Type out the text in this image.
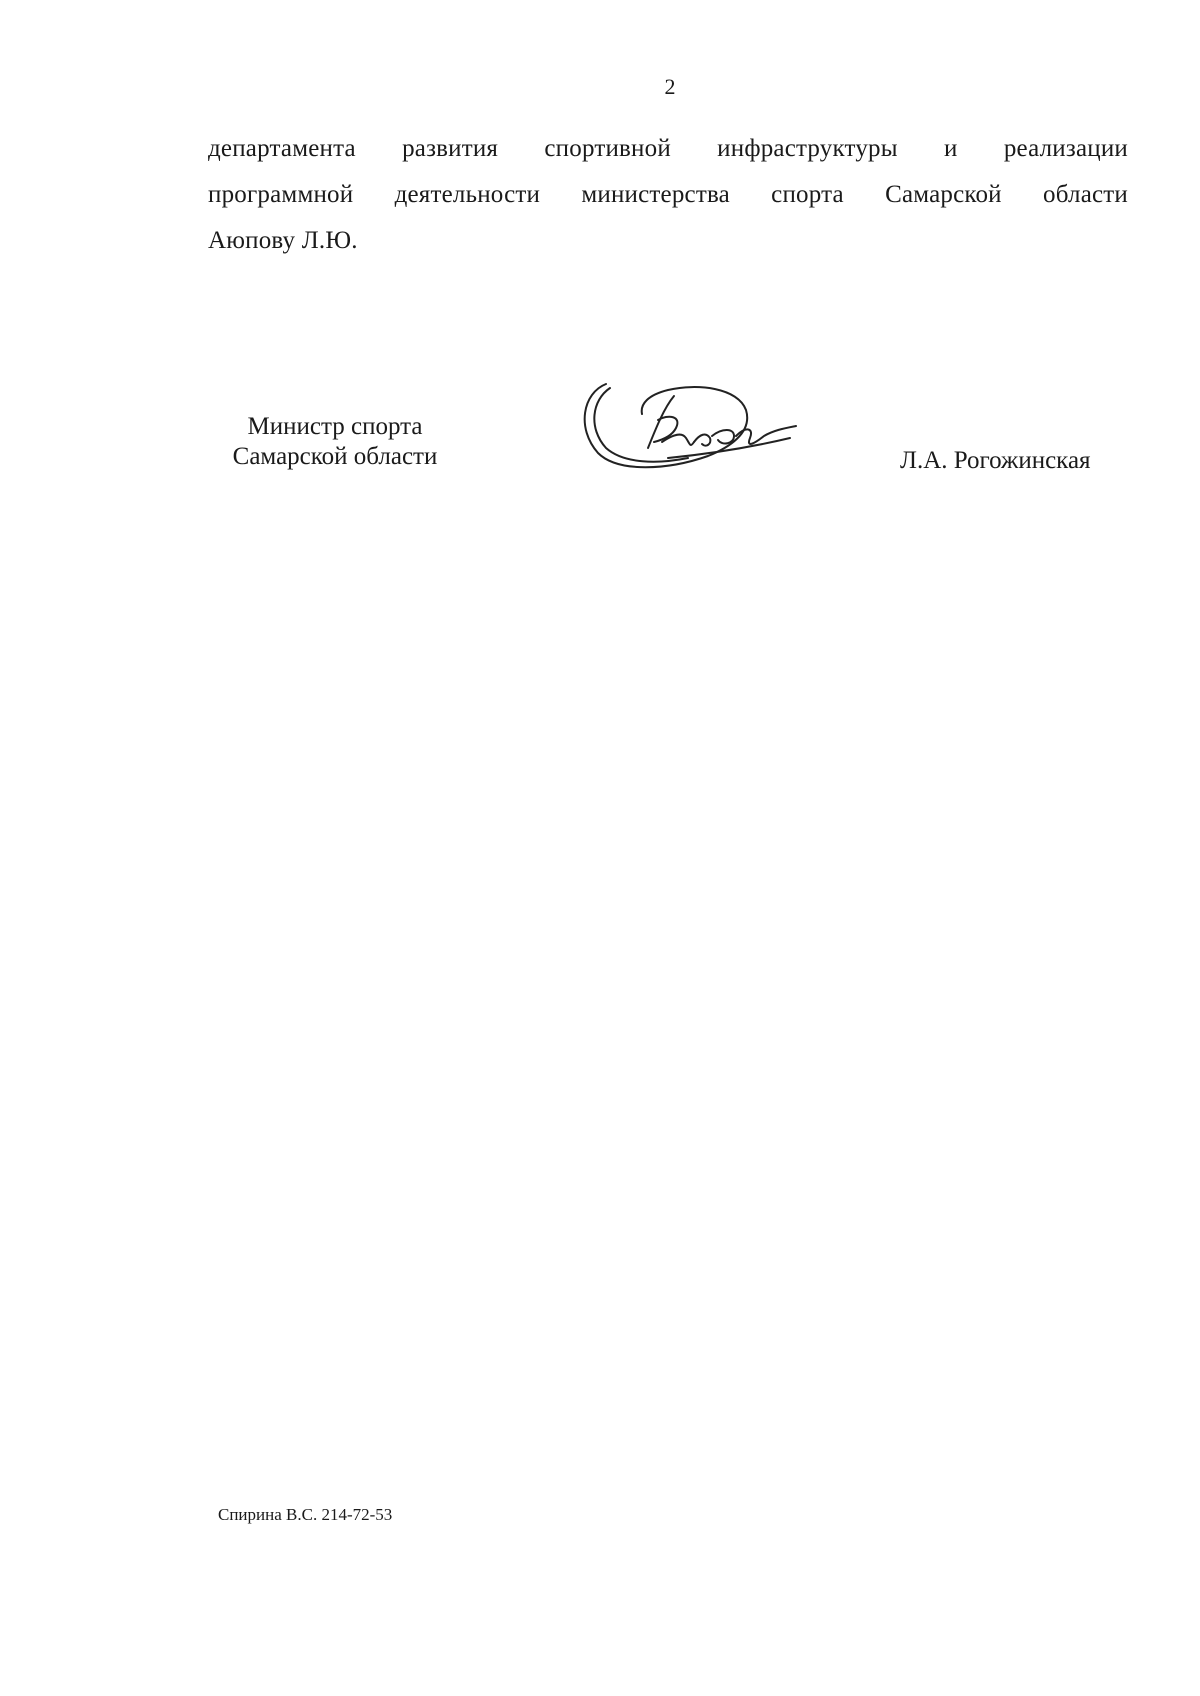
2
департамента развития спортивной инфраструктуры и реализации
программной деятельности министерства спорта Самарской области
Аюпову Л.Ю.
Министр спорта
Самарской области	Л.А. Рогожинская
Спирина В.С. 214-72-53
